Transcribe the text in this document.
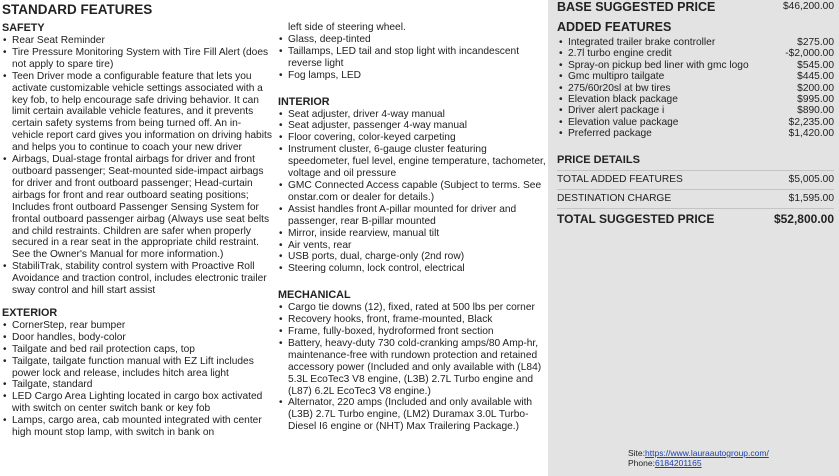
STANDARD FEATURES
SAFETY
• Rear Seat Reminder
• Tire Pressure Monitoring System with Tire Fill Alert (does not apply to spare tire)
• Teen Driver mode a configurable feature that lets you activate customizable vehicle settings associated with a key fob, to help encourage safe driving behavior. It can limit certain available vehicle features, and it prevents certain safety systems from being turned off. An in-vehicle report card gives you information on driving habits and helps you to continue to coach your new driver
• Airbags, Dual-stage frontal airbags for driver and front outboard passenger; Seat-mounted side-impact airbags for driver and front outboard passenger; Head-curtain airbags for front and rear outboard seating positions; Includes front outboard Passenger Sensing System for frontal outboard passenger airbag (Always use seat belts and child restraints. Children are safer when properly secured in a rear seat in the appropriate child restraint. See the Owner's Manual for more information.)
• StabiliTrak, stability control system with Proactive Roll Avoidance and traction control, includes electronic trailer sway control and hill start assist
EXTERIOR
• CornerStep, rear bumper
• Door handles, body-color
• Tailgate and bed rail protection caps, top
• Tailgate, tailgate function manual with EZ Lift includes power lock and release, includes hitch area light
• Tailgate, standard
• LED Cargo Area Lighting located in cargo box activated with switch on center switch bank or key fob
• Lamps, cargo area, cab mounted integrated with center high mount stop lamp, with switch in bank on
left side of steering wheel.
• Glass, deep-tinted
• Taillamps, LED tail and stop light with incandescent reverse light
• Fog lamps, LED
INTERIOR
• Seat adjuster, driver 4-way manual
• Seat adjuster, passenger 4-way manual
• Floor covering, color-keyed carpeting
• Instrument cluster, 6-gauge cluster featuring speedometer, fuel level, engine temperature, tachometer, voltage and oil pressure
• GMC Connected Access capable (Subject to terms. See onstar.com or dealer for details.)
• Assist handles front A-pillar mounted for driver and passenger, rear B-pillar mounted
• Mirror, inside rearview, manual tilt
• Air vents, rear
• USB ports, dual, charge-only (2nd row)
• Steering column, lock control, electrical
MECHANICAL
• Cargo tie downs (12), fixed, rated at 500 lbs per corner
• Recovery hooks, front, frame-mounted, Black
• Frame, fully-boxed, hydroformed front section
• Battery, heavy-duty 730 cold-cranking amps/80 Amp-hr, maintenance-free with rundown protection and retained accessory power (Included and only available with (L84) 5.3L EcoTec3 V8 engine, (L3B) 2.7L Turbo engine and (L87) 6.2L EcoTec3 V8 engine.)
• Alternator, 220 amps (Included and only available with (L3B) 2.7L Turbo engine, (LM2) Duramax 3.0L Turbo-Diesel I6 engine or (NHT) Max Trailering Package.)
BASE SUGGESTED PRICE	$46,200.00
ADDED FEATURES
• Integrated trailer brake controller	$275.00
• 2.7l turbo engine credit	-$2,000.00
• Spray-on pickup bed liner with gmc logo	$545.00
• Gmc multipro tailgate	$445.00
• 275/60r20sl at bw tires	$200.00
• Elevation black package	$995.00
• Driver alert package i	$890.00
• Elevation value package	$2,235.00
• Preferred package	$1,420.00
PRICE DETAILS
TOTAL ADDED FEATURES	$5,005.00
DESTINATION CHARGE	$1,595.00
TOTAL SUGGESTED PRICE	$52,800.00
Site:https://www.lauraautogroup.com/
Phone:6184201165
